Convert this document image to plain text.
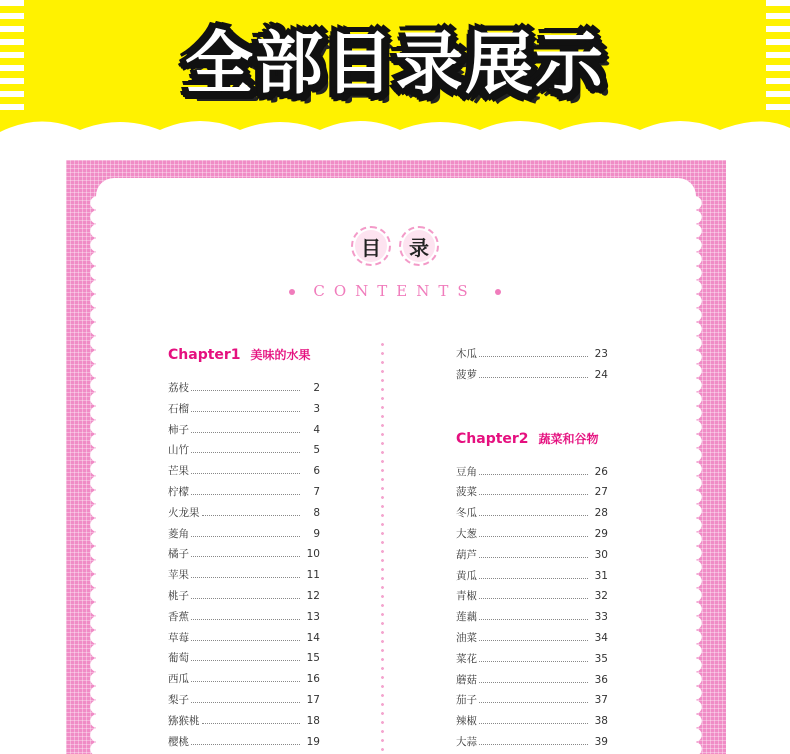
全部目录展示
目	录
CONTENTS
Chapter1 美味的水果
荔枝	2
石榴	3
柿子	4
山竹	5
芒果	6
柠檬	7
火龙果	8
菱角	9
橘子	10
苹果	11
桃子	12
香蕉	13
草莓	14
葡萄	15
西瓜	16
梨子	17
猕猴桃	18
樱桃	19
木瓜	23
菠萝	24
Chapter2 蔬菜和谷物
豆角	26
菠菜	27
冬瓜	28
大葱	29
葫芦	30
黄瓜	31
青椒	32
莲藕	33
油菜	34
菜花	35
蘑菇	36
茄子	37
辣椒	38
大蒜	39
